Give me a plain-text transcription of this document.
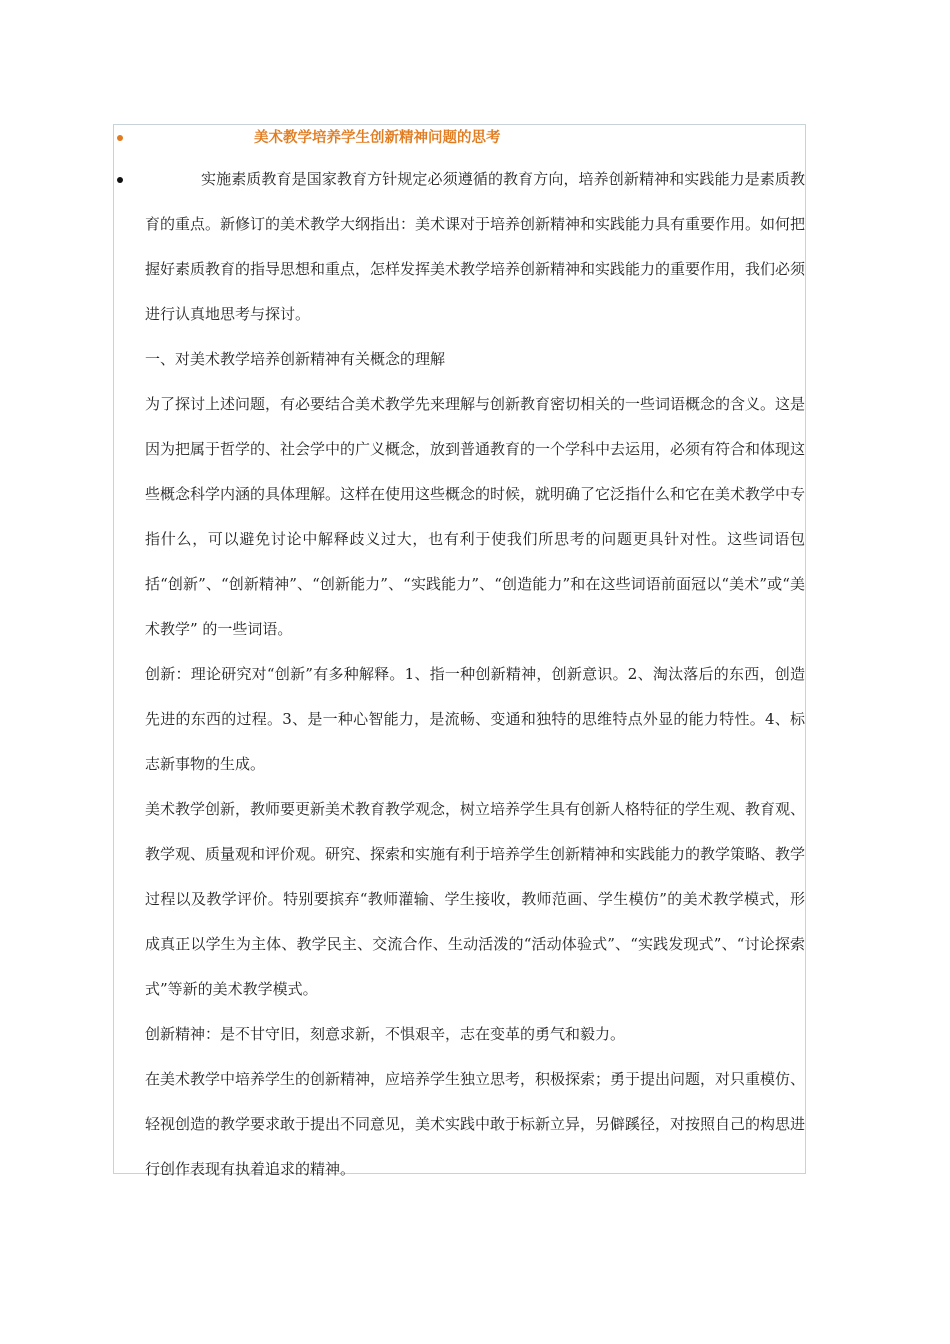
美术教学培养学生创新精神问题的思考

实施素质教育是国家教育方针规定必须遵循的教育方向，培养创新精神和实践能力是素质教育的重点。新修订的美术教学大纲指出：美术课对于培养创新精神和实践能力具有重要作用。如何把握好素质教育的指导思想和重点，怎样发挥美术教学培养创新精神和实践能力的重要作用，我们必须进行认真地思考与探讨。

一、对美术教学培养创新精神有关概念的理解

为了探讨上述问题，有必要结合美术教学先来理解与创新教育密切相关的一些词语概念的含义。这是因为把属于哲学的、社会学中的广义概念，放到普通教育的一个学科中去运用，必须有符合和体现这些概念科学内涵的具体理解。这样在使用这些概念的时候，就明确了它泛指什么和它在美术教学中专指什么，可以避免讨论中解释歧义过大，也有利于使我们所思考的问题更具针对性。这些词语包括“创新”、“创新精神”、“创新能力”、“实践能力”、“创造能力”和在这些词语前面冠以“美术”或“美术教学” 的一些词语。

创新：理论研究对“创新”有多种解释。1、指一种创新精神，创新意识。2、淘汰落后的东西，创造先进的东西的过程。3、是一种心智能力，是流畅、变通和独特的思维特点外显的能力特性。4、标志新事物的生成。

美术教学创新，教师要更新美术教育教学观念，树立培养学生具有创新人格特征的学生观、教育观、教学观、质量观和评价观。研究、探索和实施有利于培养学生创新精神和实践能力的教学策略、教学过程以及教学评价。特别要摈弃“教师灌输、学生接收，教师范画、学生模仿”的美术教学模式，形成真正以学生为主体、教学民主、交流合作、生动活泼的“活动体验式”、“实践发现式”、“讨论探索式”等新的美术教学模式。

创新精神：是不甘守旧，刻意求新，不惧艰辛，志在变革的勇气和毅力。

在美术教学中培养学生的创新精神，应培养学生独立思考，积极探索；勇于提出问题，对只重模仿、轻视创造的教学要求敢于提出不同意见，美术实践中敢于标新立异，另僻蹊径，对按照自己的构思进行创作表现有执着追求的精神。
